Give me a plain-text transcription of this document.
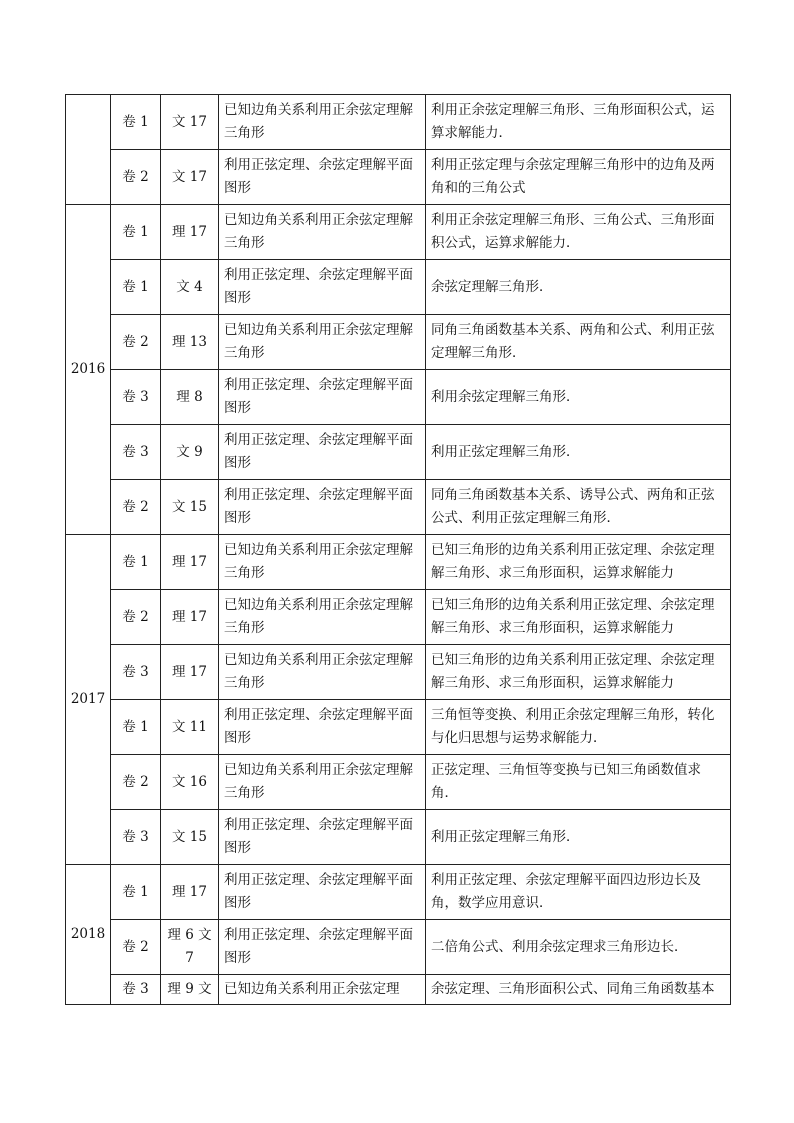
	卷 1	文 17	已知边角关系利用正余弦定理解三角形	利用正余弦定理解三角形、三角形面积公式，运算求解能力．

	卷 2	文 17	利用正弦定理、余弦定理解平面图形	利用正弦定理与余弦定理解三角形中的边角及两角和的三角公式

2016	卷 1	理 17	已知边角关系利用正余弦定理解三角形	利用正余弦定理解三角形、三角公式、三角形面积公式，运算求解能力．

	卷 1	文 4	利用正弦定理、余弦定理解平面图形	余弦定理解三角形．

	卷 2	理 13	已知边角关系利用正余弦定理解三角形	同角三角函数基本关系、两角和公式、利用正弦定理解三角形．

	卷 3	理 8	利用正弦定理、余弦定理解平面图形	利用余弦定理解三角形．

	卷 3	文 9	利用正弦定理、余弦定理解平面图形	利用正弦定理解三角形．

	卷 2	文 15	利用正弦定理、余弦定理解平面图形	同角三角函数基本关系、诱导公式、两角和正弦公式、利用正弦定理解三角形．

2017	卷 1	理 17	已知边角关系利用正余弦定理解三角形	已知三角形的边角关系利用正弦定理、余弦定理解三角形、求三角形面积，运算求解能力

	卷 2	理 17	已知边角关系利用正余弦定理解三角形	已知三角形的边角关系利用正弦定理、余弦定理解三角形、求三角形面积，运算求解能力

	卷 3	理 17	已知边角关系利用正余弦定理解三角形	已知三角形的边角关系利用正弦定理、余弦定理解三角形、求三角形面积，运算求解能力

	卷 1	文 11	利用正弦定理、余弦定理解平面图形	三角恒等变换、利用正余弦定理解三角形，转化与化归思想与运势求解能力．

	卷 2	文 16	已知边角关系利用正余弦定理解三角形	正弦定理、三角恒等变换与已知三角函数值求角．

	卷 3	文 15	利用正弦定理、余弦定理解平面图形	利用正弦定理解三角形．

2018	卷 1	理 17	利用正弦定理、余弦定理解平面图形	利用正弦定理、余弦定理解平面四边形边长及角，数学应用意识．

	卷 2	理 6 文 7	利用正弦定理、余弦定理解平面图形	二倍角公式、利用余弦定理求三角形边长．

	卷 3	理 9 文	已知边角关系利用正余弦定理	余弦定理、三角形面积公式、同角三角函数基本
